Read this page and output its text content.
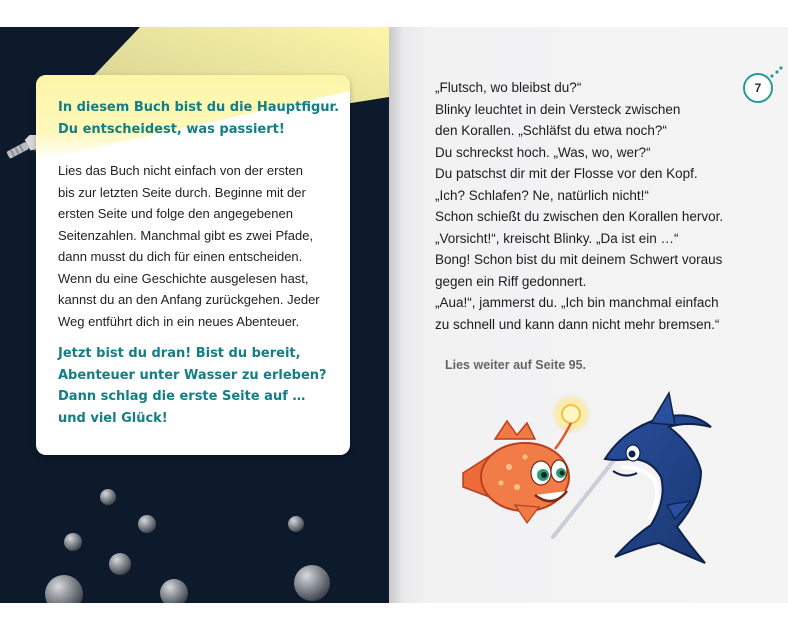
In diesem Buch bist du die Hauptfigur.
Du entscheidest, was passiert!
Lies das Buch nicht einfach von der ersten
bis zur letzten Seite durch. Beginne mit der
ersten Seite und folge den angegebenen
Seitenzahlen. Manchmal gibt es zwei Pfade,
dann musst du dich für einen entscheiden.
Wenn du eine Geschichte ausgelesen hast,
kannst du an den Anfang zurückgehen. Jeder
Weg entführt dich in ein neues Abenteuer.
Jetzt bist du dran! Bist du bereit,
Abenteuer unter Wasser zu erleben?
Dann schlag die erste Seite auf …
und viel Glück!
7

„Flutsch, wo bleibst du?“

Blinky leuchtet in dein Versteck zwischen

den Korallen. „Schläfst du etwa noch?“

Du schreckst hoch. „Was, wo, wer?“

Du patschst dir mit der Flosse vor den Kopf.

„Ich? Schlafen? Ne, natürlich nicht!“

Schon schießt du zwischen den Korallen hervor.

„Vorsicht!“, kreischt Blinky. „Da ist ein …“

Bong! Schon bist du mit deinem Schwert voraus

gegen ein Riff gedonnert.

„Aua!“, jammerst du. „Ich bin manchmal einfach

zu schnell und kann dann nicht mehr bremsen.“

Lies weiter auf Seite 95.
